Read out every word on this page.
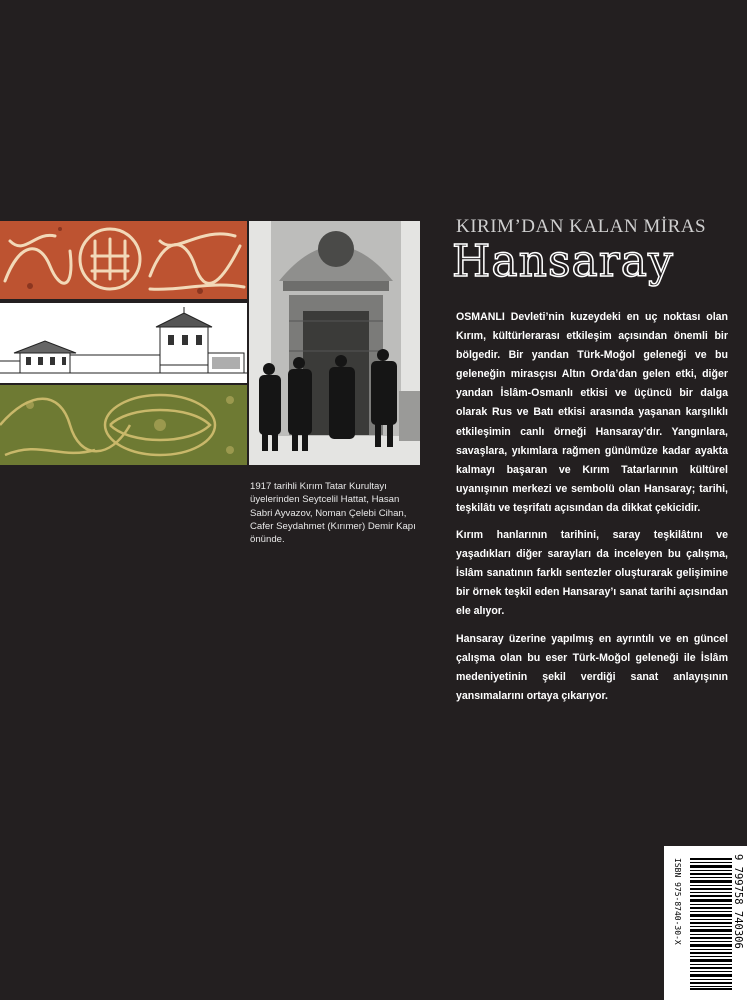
1917 tarihli Kırım Tatar Kurultayı üyelerinden Seytcelil Hattat, Hasan Sabri Ayvazov, Noman Çelebi Cihan, Cafer Seydahmet (Kırımer) Demir Kapı önünde.
KIRIM’DAN KALAN MİRAS
Hansaray

OSMANLI Devleti’nin kuzeydeki en uç noktası olan Kırım, kültürlerarası etkileşim açısından önemli bir bölgedir. Bir yandan Türk-Moğol geleneği ve bu geleneğin mirasçısı Altın Orda’dan gelen etki, diğer yandan İslâm-Osmanlı etkisi ve üçüncü bir dalga olarak Rus ve Batı etkisi arasında yaşanan karşılıklı etkileşimin canlı örneği Hansaray’dır. Yangınlara, savaşlara, yıkımlara rağmen günümüze kadar ayakta kalmayı başaran ve Kırım Tatarlarının kültürel uyanışının merkezi ve sembolü olan Hansaray; tarihi, teşkilâtı ve teşrifatı açısından da dikkat çekicidir.

Kırım hanlarının tarihini, saray teşkilâtını ve yaşadıkları diğer sarayları da inceleyen bu çalışma, İslâm sanatının farklı sentezler oluşturarak gelişimine bir örnek teşkil eden Hansaray’ı sanat tarihi açısından ele alıyor.

Hansaray üzerine yapılmış en ayrıntılı ve en güncel çalışma olan bu eser Türk-Moğol geleneği ile İslâm medeniyetinin şekil verdiği sanat anlayışının yansımalarını ortaya çıkarıyor.

ISBN 975-8740-30-X	9 799758 740306
